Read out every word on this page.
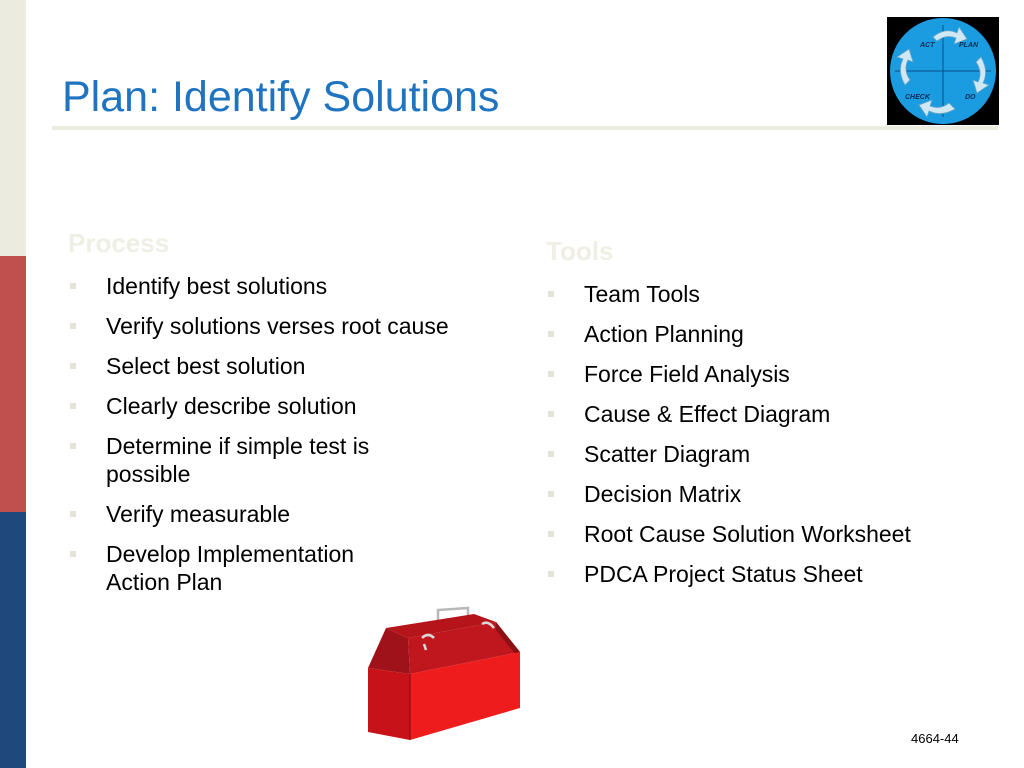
Plan: Identify Solutions
ACT	PLAN
CHECK	DO
Process
Identify best solutions
Verify solutions verses root cause
Select best solution
Clearly describe solution
Determine if simple test is possible
Verify measurable
Develop Implementation Action Plan
Tools
Team Tools
Action Planning
Force Field Analysis
Cause & Effect Diagram
Scatter Diagram
Decision Matrix
Root Cause Solution Worksheet
PDCA Project Status Sheet
4664-44
